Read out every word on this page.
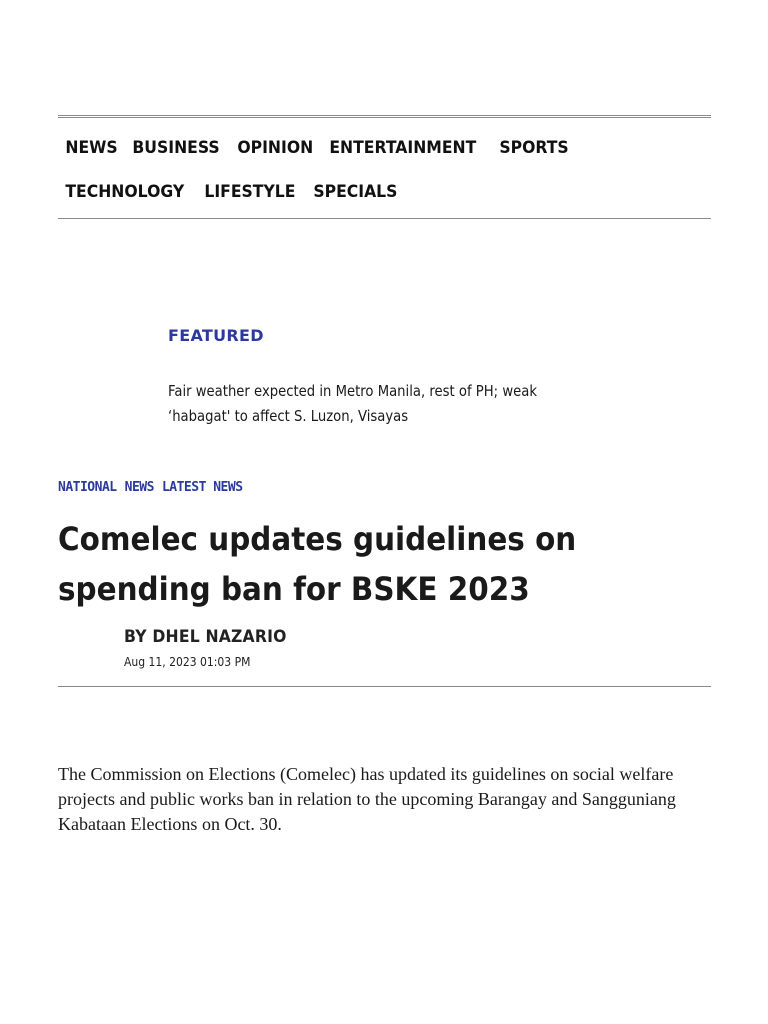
NEWS BUSINESS	OPINION ENTERTAINMENT	SPORTS
TECHNOLOGY	LIFESTYLE	SPECIALS
FEATURED
Fair weather expected in Metro Manila, rest of PH; weak ‘habagat' to affect S. Luzon, Visayas
NATIONAL NEWS LATEST NEWS
Comelec updates guidelines on spending ban for BSKE 2023
BY DHEL NAZARIO
Aug 11, 2023 01:03 PM

The Commission on Elections (Comelec) has updated its guidelines on social welfare projects and public works ban in relation to the upcoming Barangay and Sangguniang Kabataan Elections on Oct. 30.
